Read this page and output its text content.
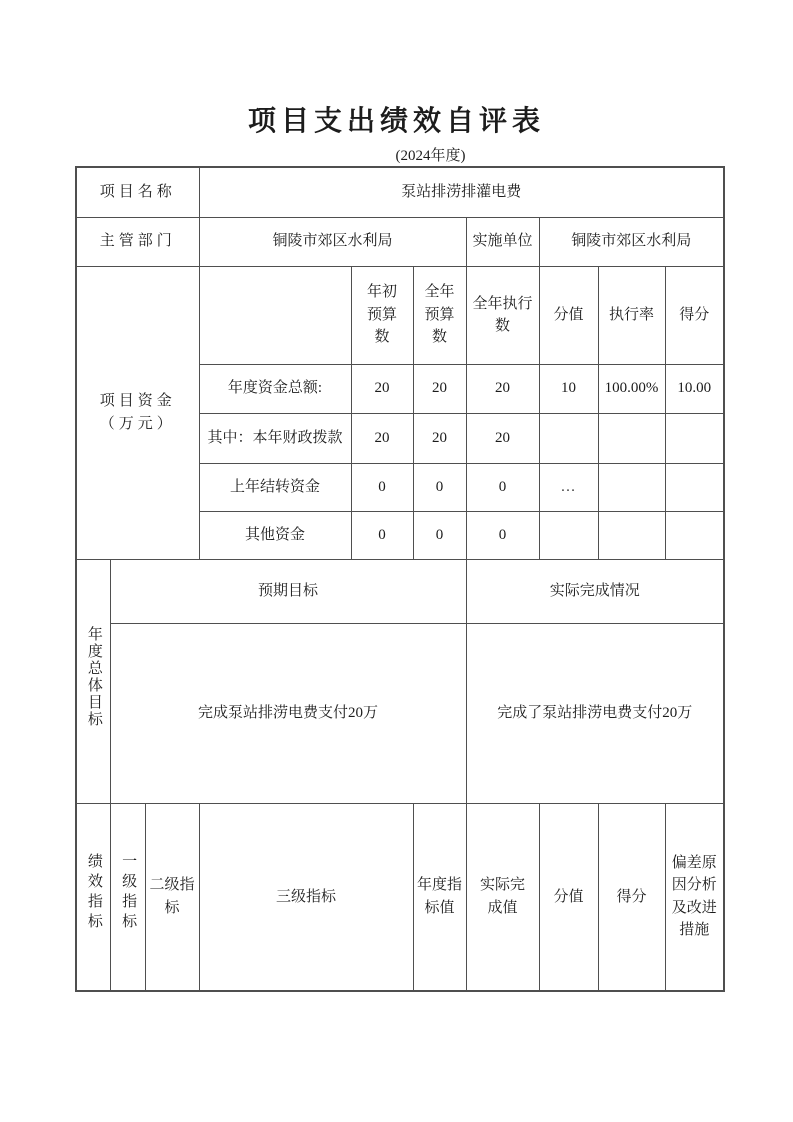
项目支出绩效自评表
(2024年度)
项目名称			泵站排涝排灌电费						
主管部门			铜陵市郊区水利局			实施单位	铜陵市郊区水利局		

项目资金
（万元）				年初预算数	全年预算数	全年执行数	分值	执行率	得分
			年度资金总额:	20	20	20	10	100.00%	10.00
			其中：本年财政拨款	20	20	20			
			上年结转资金	0	0	0	…		
			其他资金	0	0	0			
年度总体目标	预期目标					实际完成情况			
	完成泵站排涝电费支付20万					完成了泵站排涝电费支付20万			
绩效指标	一级指标	二级指标	三级指标		年度指标值	实际完成值	分值	得分	偏差原因分析及改进措施
